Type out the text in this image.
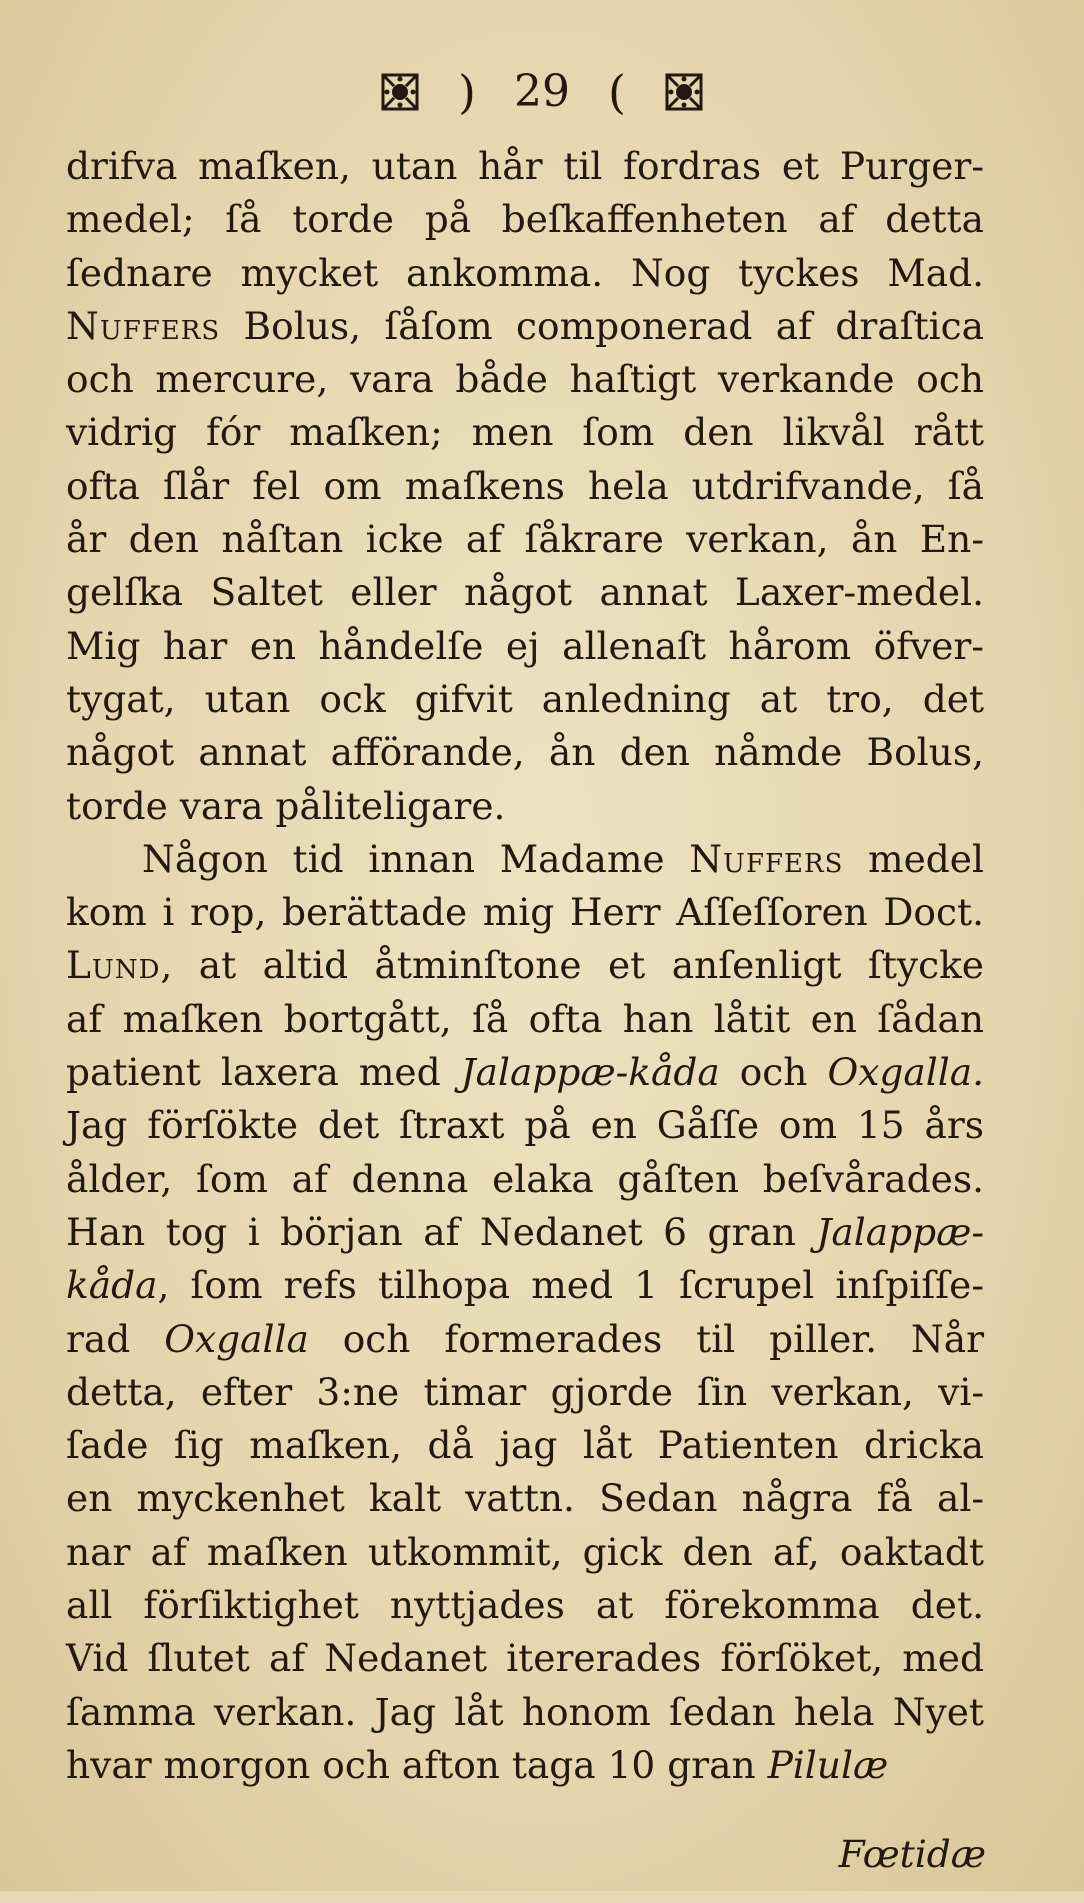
) 29 (
drifva maſken, utan hår til fordras et Purger-
medel; ſå torde på beſkaffenheten af detta
ſednare mycket ankomma. Nog tyckes Mad.
Nuffers Bolus, ſåſom componerad af draſtica
och mercure, vara både haſtigt verkande och
vidrig fór maſken; men ſom den likvål rått
ofta ſlår fel om maſkens hela utdrifvande, ſå
år den nåſtan icke af ſåkrare verkan, ån En-
gelſka Saltet eller något annat Laxer-medel.
Mig har en håndelſe ej allenaſt hårom öfver-
tygat, utan ock gifvit anledning at tro, det
något annat afförande, ån den nåmde Bolus,
torde vara påliteligare.
Någon tid innan Madame Nuffers medel
kom i rop, berättade mig Herr Aſſeſſoren Doct.
Lund, at altid åtminſtone et anſenligt ſtycke
af maſken bortgått, ſå ofta han låtit en ſådan
patient laxera med Jalappæ-kåda och Oxgalla.
Jag förſökte det ſtraxt på en Gåſſe om 15 års
ålder, ſom af denna elaka gåſten beſvårades.
Han tog i början af Nedanet 6 gran Jalappæ-
kåda, ſom refs tilhopa med 1 ſcrupel inſpiſſe-
rad Oxgalla och formerades til piller. Når
detta, efter 3:ne timar gjorde ſin verkan, vi-
ſade ſig maſken, då jag låt Patienten dricka
en myckenhet kalt vattn. Sedan några få al-
nar af maſken utkommit, gick den af, oaktadt
all förſiktighet nyttjades at förekomma det.
Vid ſlutet af Nedanet itererades förſöket, med
ſamma verkan. Jag låt honom ſedan hela Nyet
hvar morgon och afton taga 10 gran Pilulæ
Fœtidæ
